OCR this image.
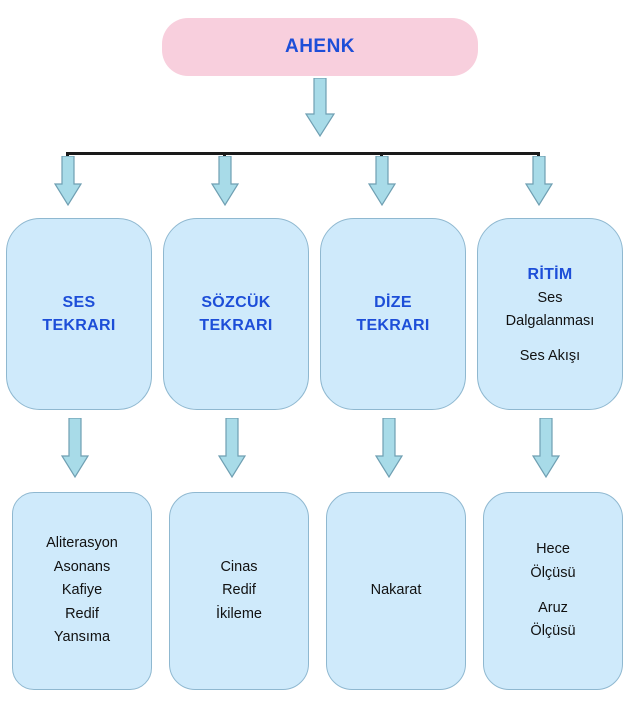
AHENK
SES
TEKRARI
SÖZCÜK
TEKRARI
DİZE
TEKRARI
RİTİM
Ses
Dalgalanması
Ses Akışı
Aliterasyon
Asonans
Kafiye
Redif
Yansıma
Cinas
Redif
İkileme
Nakarat
Hece
Ölçüsü
Aruz
Ölçüsü
